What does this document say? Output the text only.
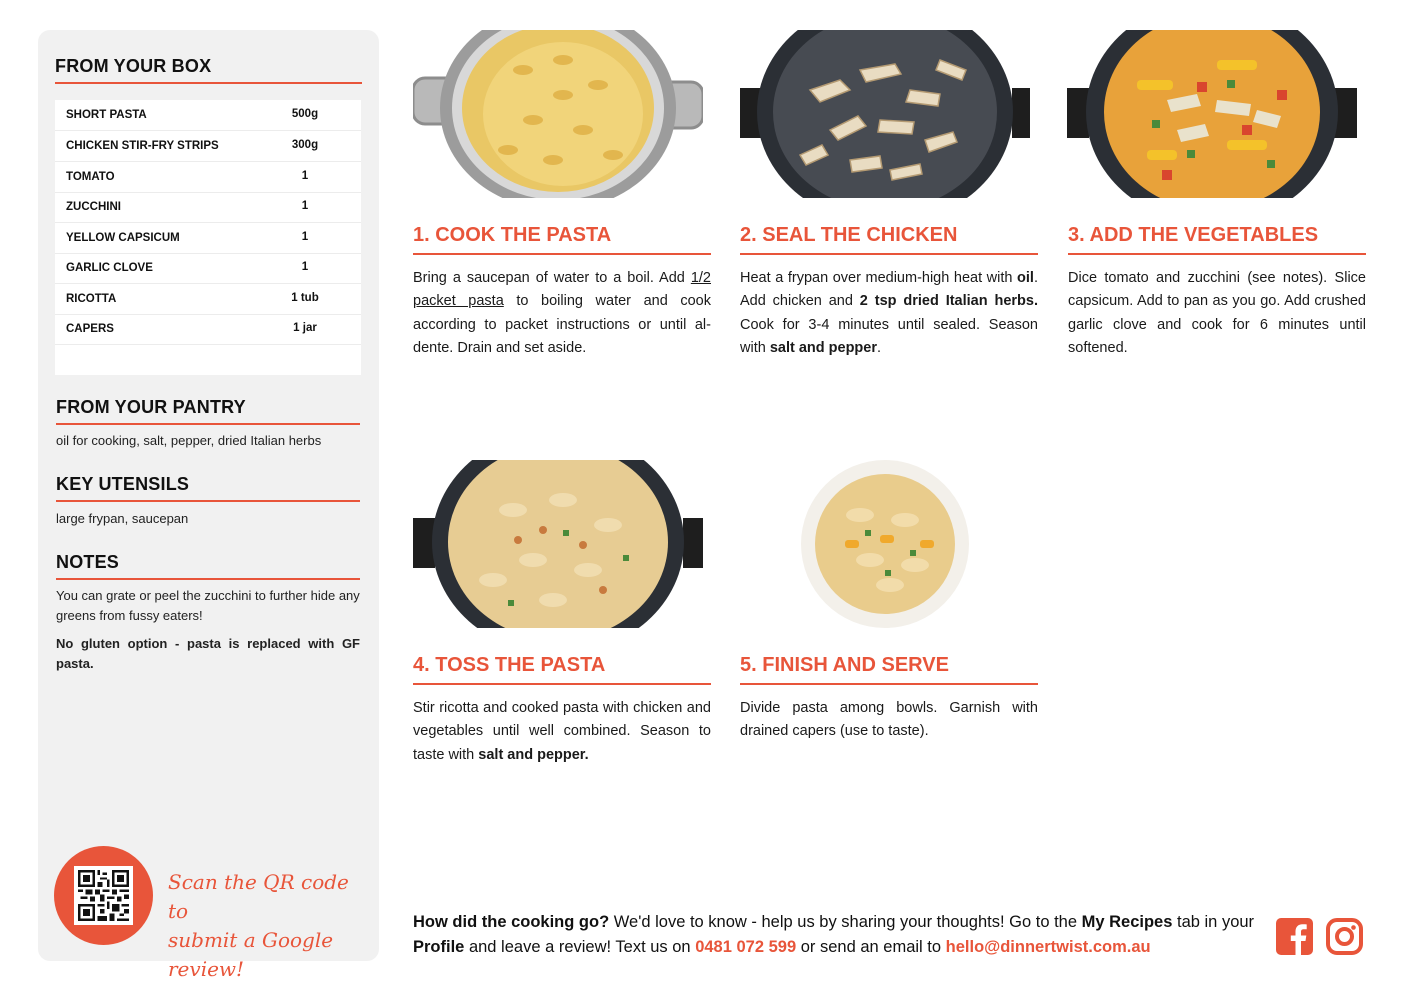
FROM YOUR BOX
SHORT PASTA	500g
CHICKEN STIR-FRY STRIPS	300g
TOMATO	1
ZUCCHINI	1
YELLOW CAPSICUM	1
GARLIC CLOVE	1
RICOTTA	1 tub
CAPERS	1 jar
FROM YOUR PANTRY
oil for cooking, salt, pepper, dried Italian herbs
KEY UTENSILS
large frypan, saucepan
NOTES
You can grate or peel the zucchini to further hide any greens from fussy eaters!
No gluten option - pasta is replaced with GF pasta.
Scan the QR code to
submit a Google review!
1. COOK THE PASTA
Bring a saucepan of water to a boil. Add 1/2 packet pasta to boiling water and cook according to packet instructions or until al-dente. Drain and set aside.
2. SEAL THE CHICKEN
Heat a frypan over medium-high heat with oil. Add chicken and 2 tsp dried Italian herbs. Cook for 3-4 minutes until sealed. Season with salt and pepper.
3. ADD THE VEGETABLES
Dice tomato and zucchini (see notes). Slice capsicum. Add to pan as you go. Add crushed garlic clove and cook for 6 minutes until softened.
4. TOSS THE PASTA
Stir ricotta and cooked pasta with chicken and vegetables until well combined. Season to taste with salt and pepper.
5. FINISH AND SERVE
Divide pasta among bowls. Garnish with drained capers (use to taste).
How did the cooking go? We'd love to know - help us by sharing your thoughts! Go to the My Recipes tab in your Profile and leave a review! Text us on 0481 072 599 or send an email to hello@dinnertwist.com.au
